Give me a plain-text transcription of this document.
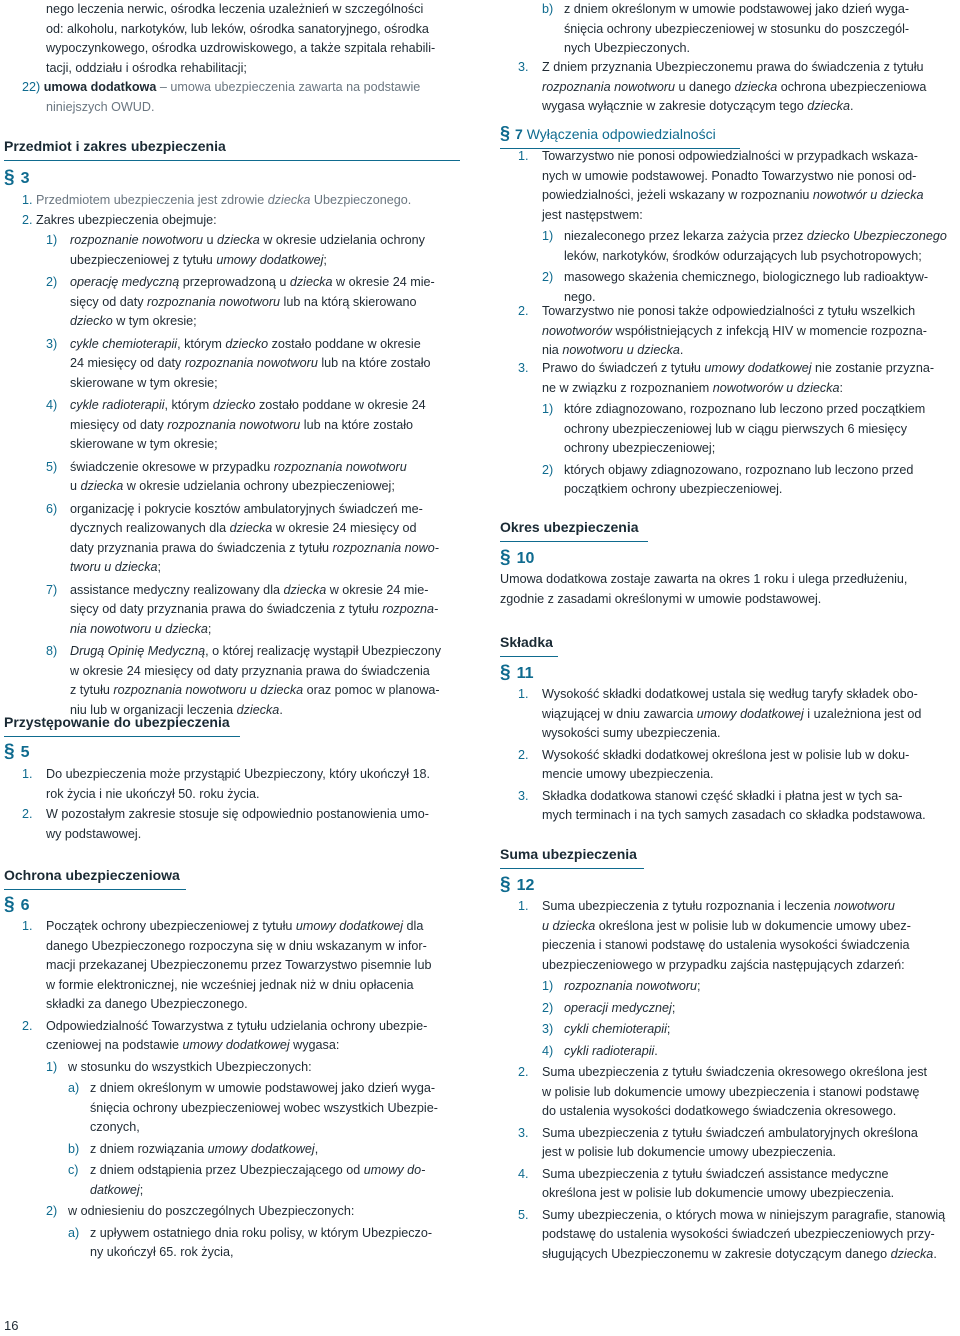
nego leczenia nerwic, ośrodka leczenia uzależnień w szczególności

od: alkoholu, narkotyków, lub leków, ośrodka sanatoryjnego, ośrodka

wypoczynkowego, ośrodka uzdrowiskowego, a także szpitala rehabili-

tacji, oddziału i ośrodka rehabilitacji;

22) umowa dodatkowa – umowa ubezpieczenia zawarta na podstawie

niniejszych OWUD.

Przedmiot i zakres ubezpieczenia
§ 3

1. Przedmiotem ubezpieczenia jest zdrowie dziecka Ubezpieczonego.

2. Zakres ubezpieczenia obejmuje:

1) rozpoznanie nowotworu u dziecka w okresie udzielania ochrony

ubezpieczeniowej z tytułu umowy dodatkowej;

2) operację medyczną przeprowadzoną u dziecka w okresie 24 mie-

sięcy od daty rozpoznania nowotworu lub na którą skierowano

dziecko w tym okresie;

3) cykle chemioterapii, którym dziecko zostało poddane w okresie

24 miesięcy od daty rozpoznania nowotworu lub na które zostało

skierowane w tym okresie;

4) cykle radioterapii, którym dziecko zostało poddane w okresie 24

miesięcy od daty rozpoznania nowotworu lub na które zostało

skierowane w tym okresie;

5) świadczenie okresowe w przypadku rozpoznania nowotworu

u dziecka w okresie udzielania ochrony ubezpieczeniowej;

6) organizację i pokrycie kosztów ambulatoryjnych świadczeń me-

dycznych realizowanych dla dziecka w okresie 24 miesięcy od

daty przyznania prawa do świadczenia z tytułu rozpoznania nowo-

tworu u dziecka;

7) assistance medyczny realizowany dla dziecka w okresie 24 mie-

sięcy od daty przyznania prawa do świadczenia z tytułu rozpozna-

nia nowotworu u dziecka;

8) Drugą Opinię Medyczną, o której realizację wystąpił Ubezpieczony

w okresie 24 miesięcy od daty przyznania prawa do świadczenia

z tytułu rozpoznania nowotworu u dziecka oraz pomoc w planowa-

niu lub w organizacji leczenia dziecka.

Przystępowanie do ubezpieczenia
§ 5
1. Do ubezpieczenia może przystąpić Ubezpieczony, który ukończył 18.

rok życia i nie ukończył 50. roku życia.

2. W pozostałym zakresie stosuje się odpowiednio postanowienia umo-

wy podstawowej.

Ochrona ubezpieczeniowa
§ 6
1. Początek ochrony ubezpieczeniowej z tytułu umowy dodatkowej dla

danego Ubezpieczonego rozpoczyna się w dniu wskazanym w infor-

macji przekazanej Ubezpieczonemu przez Towarzystwo pisemnie lub

w formie elektronicznej, nie wcześniej jednak niż w dniu opłacenia

składki za danego Ubezpieczonego.

2. Odpowiedzialność Towarzystwa z tytułu udzielania ochrony ubezpie-

czeniowej na podstawie umowy dodatkowej wygasa:

1) w stosunku do wszystkich Ubezpieczonych:

a) z dniem określonym w umowie podstawowej jako dzień wyga-

śnięcia ochrony ubezpieczeniowej wobec wszystkich Ubezpie-

czonych,

b) z dniem rozwiązania umowy dodatkowej,

c) z dniem odstąpienia przez Ubezpieczającego od umowy do-

datkowej;

2) w odniesieniu do poszczególnych Ubezpieczonych:

a) z upływem ostatniego dnia roku polisy, w którym Ubezpieczo-

ny ukończył 65. rok życia,

b) z dniem określonym w umowie podstawowej jako dzień wyga-

śnięcia ochrony ubezpieczeniowej w stosunku do poszczegól-

nych Ubezpieczonych.

3. Z dniem przyznania Ubezpieczonemu prawa do świadczenia z tytułu

rozpoznania nowotworu u danego dziecka ochrona ubezpieczeniowa

wygasa wyłącznie w zakresie dotyczącym tego dziecka.

§ 7 Wyłączenia odpowiedzialności
1. Towarzystwo nie ponosi odpowiedzialności w przypadkach wskaza-

nych w umowie podstawowej. Ponadto Towarzystwo nie ponosi od-

powiedzialności, jeżeli wskazany w rozpoznaniu nowotwór u dziecka

jest następstwem:

1) niezaleconego przez lekarza zażycia przez dziecko Ubezpieczonego

leków, narkotyków, środków odurzających lub psychotropowych;

2) masowego skażenia chemicznego, biologicznego lub radioaktyw-

nego.

2. Towarzystwo nie ponosi także odpowiedzialności z tytułu wszelkich

nowotworów współistniejących z infekcją HIV w momencie rozpozna-

nia nowotworu u dziecka.

3. Prawo do świadczeń z tytułu umowy dodatkowej nie zostanie przyzna-

ne w związku z rozpoznaniem nowotworów u dziecka:

1) które zdiagnozowano, rozpoznano lub leczono przed początkiem

ochrony ubezpieczeniowej lub w ciągu pierwszych 6 miesięcy

ochrony ubezpieczeniowej;

2) których objawy zdiagnozowano, rozpoznano lub leczono przed

początkiem ochrony ubezpieczeniowej.

Okres ubezpieczenia
§ 10

Umowa dodatkowa zostaje zawarta na okres 1 roku i ulega przedłużeniu,

zgodnie z zasadami określonymi w umowie podstawowej.

Składka
§ 11
1. Wysokość składki dodatkowej ustala się według taryfy składek obo-

wiązującej w dniu zawarcia umowy dodatkowej i uzależniona jest od

wysokości sumy ubezpieczenia.

2. Wysokość składki dodatkowej określona jest w polisie lub w doku-

mencie umowy ubezpieczenia.

3. Składka dodatkowa stanowi część składki i płatna jest w tych sa-

mych terminach i na tych samych zasadach co składka podstawowa.

Suma ubezpieczenia
§ 12
1. Suma ubezpieczenia z tytułu rozpoznania i leczenia nowotworu

u dziecka określona jest w polisie lub w dokumencie umowy ubez-

pieczenia i stanowi podstawę do ustalenia wysokości świadczenia

ubezpieczeniowego w przypadku zajścia następujących zdarzeń:

1) rozpoznania nowotworu;

2) operacji medycznej;

3) cykli chemioterapii;

4) cykli radioterapii.

2. Suma ubezpieczenia z tytułu świadczenia okresowego określona jest

w polisie lub dokumencie umowy ubezpieczenia i stanowi podstawę

do ustalenia wysokości dodatkowego świadczenia okresowego.

3. Suma ubezpieczenia z tytułu świadczeń ambulatoryjnych określona

jest w polisie lub dokumencie umowy ubezpieczenia.

4. Suma ubezpieczenia z tytułu świadczeń assistance medyczne

określona jest w polisie lub dokumencie umowy ubezpieczenia.

5. Sumy ubezpieczenia, o których mowa w niniejszym paragrafie, stanowią

podstawę do ustalenia wysokości świadczeń ubezpieczeniowych przy-

sługujących Ubezpieczonemu w zakresie dotyczącym danego dziecka.

16
